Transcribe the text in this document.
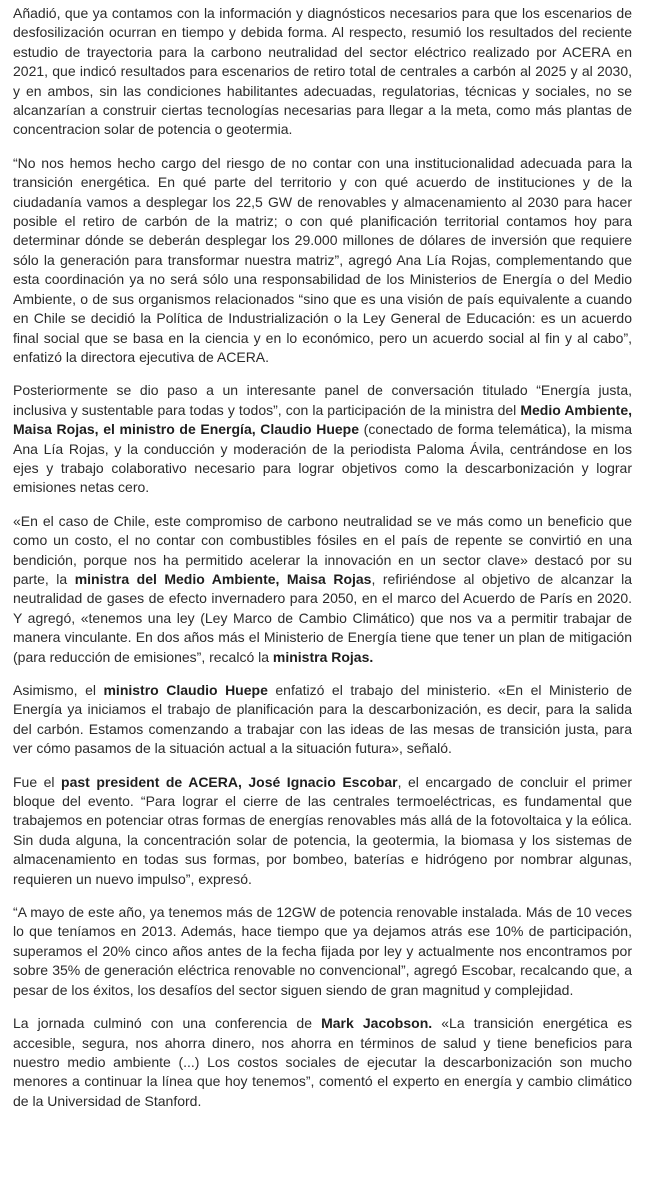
Añadió, que ya contamos con la información y diagnósticos necesarios para que los escenarios de desfosilización ocurran en tiempo y debida forma. Al respecto, resumió los resultados del reciente estudio de trayectoria para la carbono neutralidad del sector eléctrico realizado por ACERA en 2021, que indicó resultados para escenarios de retiro total de centrales a carbón al 2025 y al 2030, y en ambos, sin las condiciones habilitantes adecuadas, regulatorias, técnicas y sociales, no se alcanzarían a construir ciertas tecnologías necesarias para llegar a la meta, como más plantas de concentracion solar de potencia o geotermia.

“No nos hemos hecho cargo del riesgo de no contar con una institucionalidad adecuada para la transición energética. En qué parte del territorio y con qué acuerdo de instituciones y de la ciudadanía vamos a desplegar los 22,5 GW de renovables y almacenamiento al 2030 para hacer posible el retiro de carbón de la matriz; o con qué planificación territorial contamos hoy para determinar dónde se deberán desplegar los 29.000 millones de dólares de inversión que requiere sólo la generación para transformar nuestra matriz”, agregó Ana Lía Rojas, complementando que esta coordinación ya no será sólo una responsabilidad de los Ministerios de Energía o del Medio Ambiente, o de sus organismos relacionados “sino que es una visión de país equivalente a cuando en Chile se decidió la Política de Industrialización o la Ley General de Educación: es un acuerdo final social que se basa en la ciencia y en lo económico, pero un acuerdo social al fin y al cabo”, enfatizó la directora ejecutiva de ACERA.

Posteriormente se dio paso a un interesante panel de conversación titulado “Energía justa, inclusiva y sustentable para todas y todos”, con la participación de la ministra del Medio Ambiente, Maisa Rojas, el ministro de Energía, Claudio Huepe (conectado de forma telemática), la misma Ana Lía Rojas, y la conducción y moderación de la periodista Paloma Ávila, centrándose en los ejes y trabajo colaborativo necesario para lograr objetivos como la descarbonización y lograr emisiones netas cero.

«En el caso de Chile, este compromiso de carbono neutralidad se ve más como un beneficio que como un costo, el no contar con combustibles fósiles en el país de repente se convirtió en una bendición, porque nos ha permitido acelerar la innovación en un sector clave» destacó por su parte, la ministra del Medio Ambiente, Maisa Rojas, refiriéndose al objetivo de alcanzar la neutralidad de gases de efecto invernadero para 2050, en el marco del Acuerdo de París en 2020. Y agregó, «tenemos una ley (Ley Marco de Cambio Climático) que nos va a permitir trabajar de manera vinculante. En dos años más el Ministerio de Energía tiene que tener un plan de mitigación (para reducción de emisiones”, recalcó la ministra Rojas.

Asimismo, el ministro Claudio Huepe enfatizó el trabajo del ministerio. «En el Ministerio de Energía ya iniciamos el trabajo de planificación para la descarbonización, es decir, para la salida del carbón. Estamos comenzando a trabajar con las ideas de las mesas de transición justa, para ver cómo pasamos de la situación actual a la situación futura», señaló.

Fue el past president de ACERA, José Ignacio Escobar, el encargado de concluir el primer bloque del evento. “Para lograr el cierre de las centrales termoeléctricas, es fundamental que trabajemos en potenciar otras formas de energías renovables más allá de la fotovoltaica y la eólica. Sin duda alguna, la concentración solar de potencia, la geotermia, la biomasa y los sistemas de almacenamiento en todas sus formas, por bombeo, baterías e hidrógeno por nombrar algunas, requieren un nuevo impulso”, expresó.

“A mayo de este año, ya tenemos más de 12GW de potencia renovable instalada. Más de 10 veces lo que teníamos en 2013. Además, hace tiempo que ya dejamos atrás ese 10% de participación, superamos el 20% cinco años antes de la fecha fijada por ley y actualmente nos encontramos por sobre 35% de generación eléctrica renovable no convencional”, agregó Escobar, recalcando que, a pesar de los éxitos, los desafíos del sector siguen siendo de gran magnitud y complejidad.

La jornada culminó con una conferencia de Mark Jacobson. «La transición energética es accesible, segura, nos ahorra dinero, nos ahorra en términos de salud y tiene beneficios para nuestro medio ambiente (...) Los costos sociales de ejecutar la descarbonización son mucho menores a continuar la línea que hoy tenemos”, comentó el experto en energía y cambio climático de la Universidad de Stanford.
